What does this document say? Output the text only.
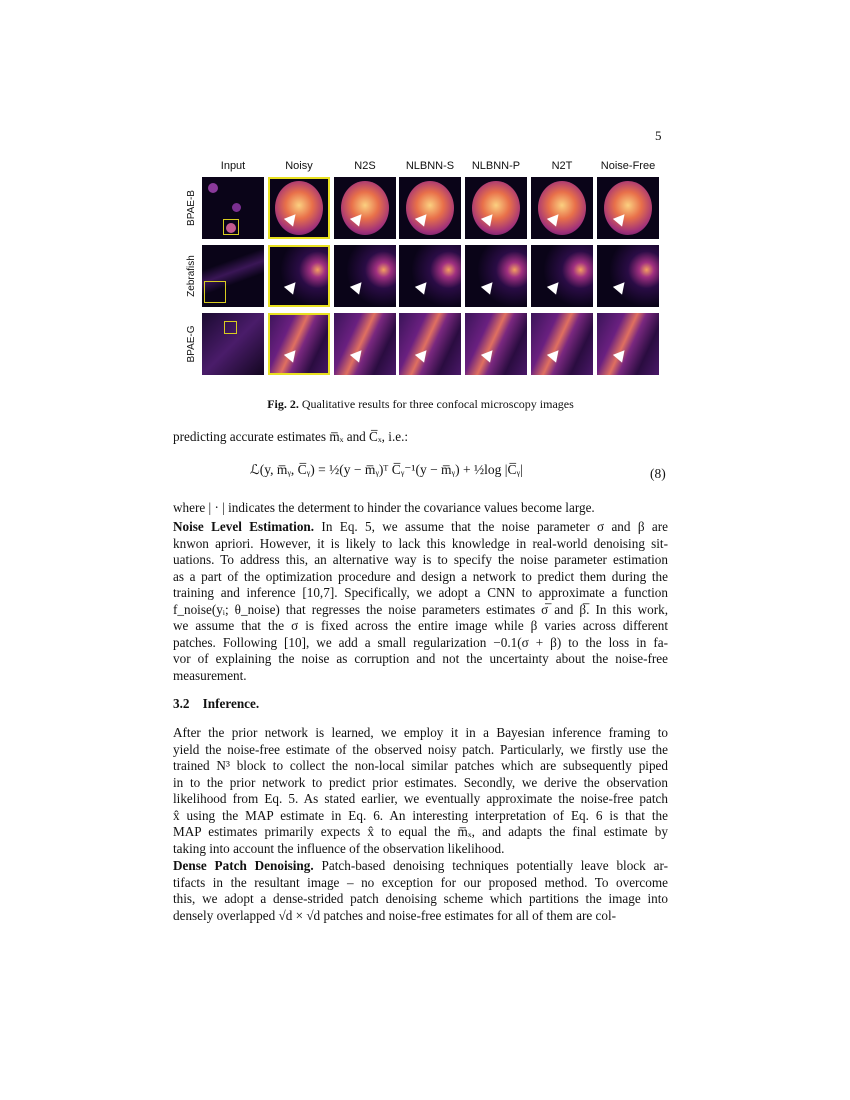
5
Input	Noisy	N2S	NLBNN-S	NLBNN-P	N2T	Noise-Free
BPAE-B
Zebrafish
BPAE-G
Fig. 2. Qualitative results for three confocal microscopy images
predicting accurate estimates m̅ₓ and C̅ₓ, i.e.:
ℒ(y, m̅ᵧ, C̅ᵧ) = ½(y − m̅ᵧ)ᵀ C̅ᵧ⁻¹(y − m̅ᵧ) + ½log |C̅ᵧ|	(8)
where | · | indicates the determent to hinder the covariance values become large.
Noise Level Estimation. In Eq. 5, we assume that the noise parameter σ and β are
knwon apriori. However, it is likely to lack this knowledge in real-world denoising sit-
uations. To address this, an alternative way is to specify the noise parameter estimation
as a part of the optimization procedure and design a network to predict them during the
training and inference [10,7]. Specifically, we adopt a CNN to approximate a function
f_noise(yᵢ; θ_noise) that regresses the noise parameters estimates σ̅ and β̅. In this work,
we assume that the σ is fixed across the entire image while β varies across different
patches. Following [10], we add a small regularization −0.1(σ + β) to the loss in fa-
vor of explaining the noise as corruption and not the uncertainty about the noise-free
measurement.
3.2 Inference.
After the prior network is learned, we employ it in a Bayesian inference framing to
yield the noise-free estimate of the observed noisy patch. Particularly, we firstly use the
trained N³ block to collect the non-local similar patches which are subsequently piped
in to the prior network to predict prior estimates. Secondly, we derive the observation
likelihood from Eq. 5. As stated earlier, we eventually approximate the noise-free patch
x̂ using the MAP estimate in Eq. 6. An interesting interpretation of Eq. 6 is that the
MAP estimates primarily expects x̂ to equal the m̅ₓ, and adapts the final estimate by
taking into account the influence of the observation likelihood.
Dense Patch Denoising. Patch-based denoising techniques potentially leave block ar-
tifacts in the resultant image – no exception for our proposed method. To overcome
this, we adopt a dense-strided patch denoising scheme which partitions the image into
densely overlapped √d × √d patches and noise-free estimates for all of them are col-
